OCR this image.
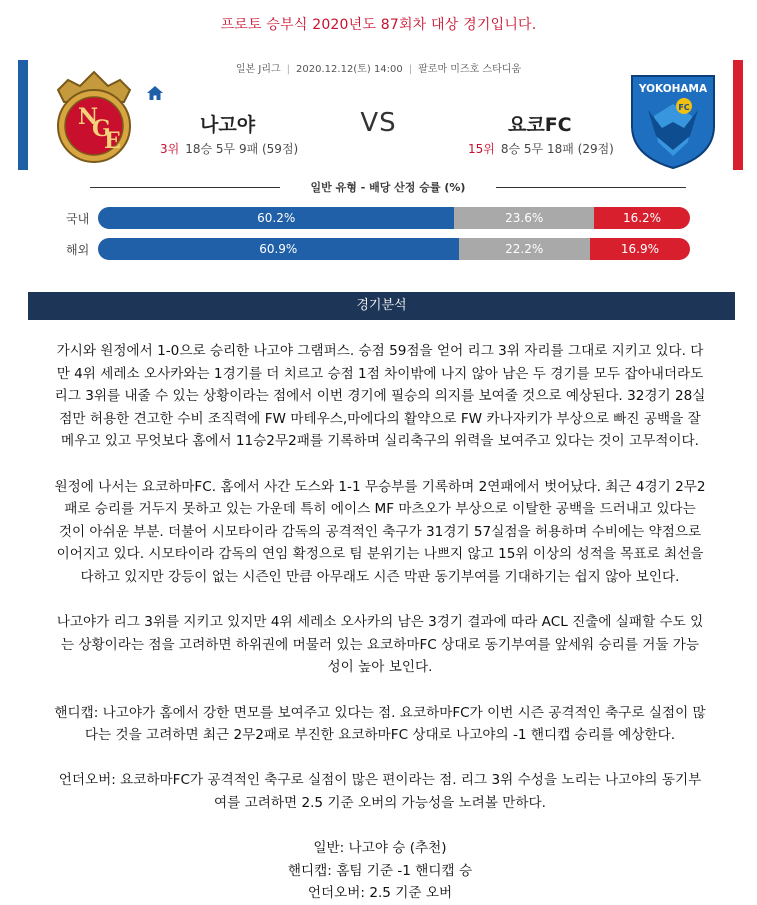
프로토 승부식 2020년도 87회차 대상 경기입니다.
N
G
E
YOKOHAMA
FC
일본 J리그 | 2020.12.12(토) 14:00 | 팔로마 미즈호 스타디움
나고야	VS	요코FC
3위 18승 5무 9패 (59점)	15위 8승 5무 18패 (29점)
일반 유형 - 배당 산정 승률 (%)
국내	60.2%	23.6%	16.2%
해외	60.9%	22.2%	16.9%
경기분석

가시와 원정에서 1-0으로 승리한 나고야 그램퍼스. 승점 59점을 얻어 리그 3위 자리를 그대로 지키고 있다. 다
만 4위 세레소 오사카와는 1경기를 더 치르고 승점 1점 차이밖에 나지 않아 남은 두 경기를 모두 잡아내더라도
리그 3위를 내줄 수 있는 상황이라는 점에서 이번 경기에 필승의 의지를 보여줄 것으로 예상된다. 32경기 28실
점만 허용한 견고한 수비 조직력에 FW 마테우스,마에다의 활약으로 FW 카나자키가 부상으로 빠진 공백을 잘
메우고 있고 무엇보다 홈에서 11승2무2패를 기록하며 실리축구의 위력을 보여주고 있다는 것이 고무적이다.

원정에 나서는 요코하마FC. 홈에서 사간 도스와 1-1 무승부를 기록하며 2연패에서 벗어났다. 최근 4경기 2무2
패로 승리를 거두지 못하고 있는 가운데 특히 에이스 MF 마츠오가 부상으로 이탈한 공백을 드러내고 있다는
것이 아쉬운 부분. 더불어 시모타이라 감독의 공격적인 축구가 31경기 57실점을 허용하며 수비에는 약점으로
이어지고 있다. 시모타이라 감독의 연임 확정으로 팀 분위기는 나쁘지 않고 15위 이상의 성적을 목표로 최선을
다하고 있지만 강등이 없는 시즌인 만큼 아무래도 시즌 막판 동기부여를 기대하기는 쉽지 않아 보인다.

나고야가 리그 3위를 지키고 있지만 4위 세레소 오사카의 남은 3경기 결과에 따라 ACL 진출에 실패할 수도 있
는 상황이라는 점을 고려하면 하위권에 머물러 있는 요코하마FC 상대로 동기부여를 앞세워 승리를 거둘 가능
성이 높아 보인다.

핸디캡: 나고야가 홈에서 강한 면모를 보여주고 있다는 점. 요코하마FC가 이번 시즌 공격적인 축구로 실점이 많
다는 것을 고려하면 최근 2무2패로 부진한 요코하마FC 상대로 나고야의 -1 핸디캡 승리를 예상한다.

언더오버: 요코하마FC가 공격적인 축구로 실점이 많은 편이라는 점. 리그 3위 수성을 노리는 나고야의 동기부
여를 고려하면 2.5 기준 오버의 가능성을 노려볼 만하다.

일반: 나고야 승 (추천)
핸디캡: 홈팀 기준 -1 핸디캡 승
언더오버: 2.5 기준 오버
